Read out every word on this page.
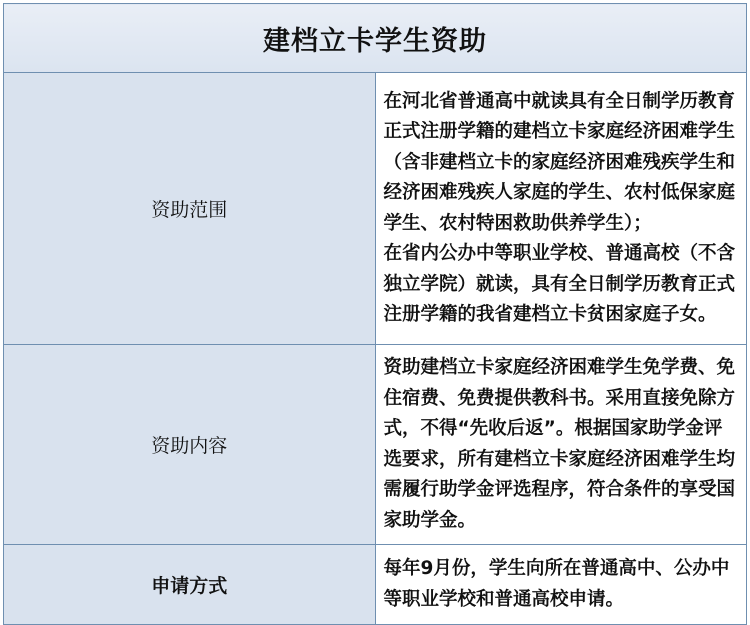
建档立卡学生资助	
资助范围	在河北省普通高中就读具有全日制学历教育正式注册学籍的建档立卡家庭经济困难学生（含非建档立卡的家庭经济困难残疾学生和经济困难残疾人家庭的学生、农村低保家庭学生、农村特困救助供养学生）；
在省内公办中等职业学校、普通高校（不含独立学院）就读，具有全日制学历教育正式注册学籍的我省建档立卡贫困家庭子女。

资助内容	资助建档立卡家庭经济困难学生免学费、免住宿费、免费提供教科书。采用直接免除方式，不得“先收后返”。根据国家助学金评选要求，所有建档立卡家庭经济困难学生均需履行助学金评选程序，符合条件的享受国家助学金。

申请方式	每年9月份，学生向所在普通高中、公办中等职业学校和普通高校申请。
